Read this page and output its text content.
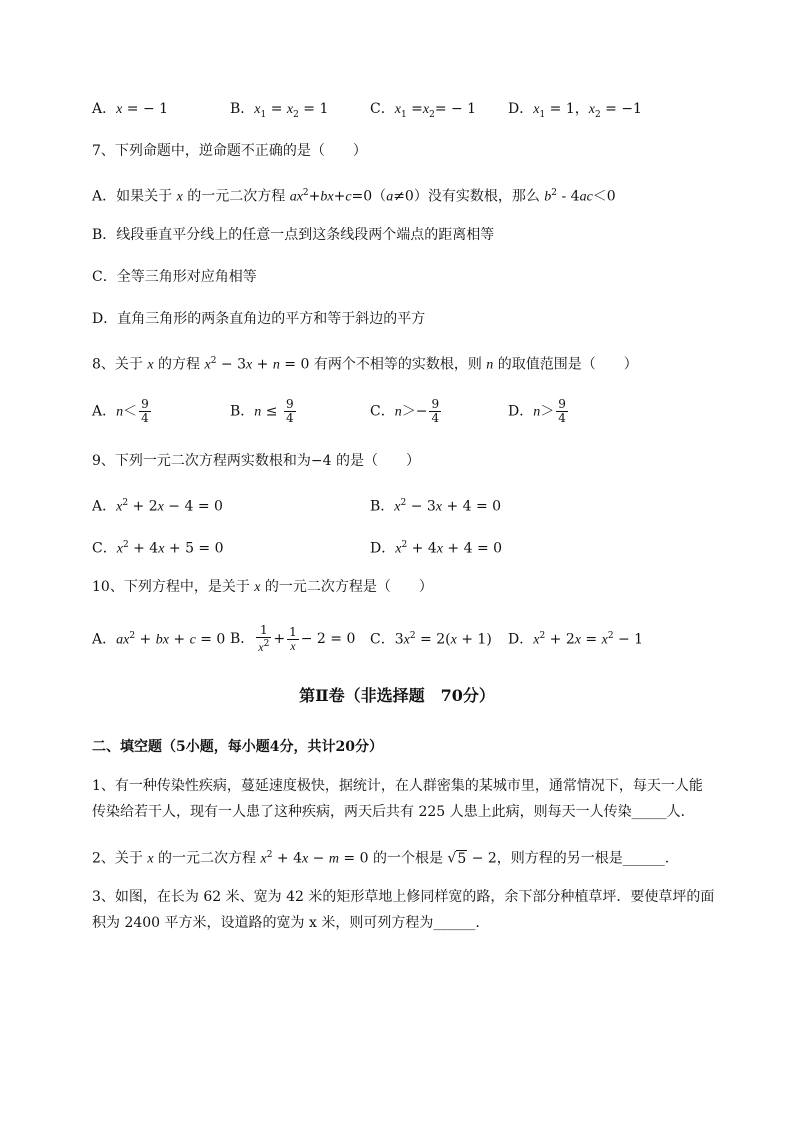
A．x = − 1	B．$x_1 = x_2 = 1$	C．$x_1 =x_2= - 1$ D．$x_1 = 1$，$x_2 = -1$
7、下列命题中，逆命题不正确的是（　　）
A．如果关于 x 的一元二次方程 $ax^2+bx+c=0(a\ne 0)$没有实数根，那么 $b^2 - 4ac<0$
B．线段垂直平分线上的任意一点到这条线段两个端点的距离相等
C．全等三角形对应角相等
D．直角三角形的两条直角边的平方和等于斜边的平方
8、关于 x 的方程 $x^2 - 3x + n = 0$ 有两个不相等的实数根，则 n 的取值范围是（　　）
A．$n< \frac{9}{4}$	B．$n \le \frac{9}{4}$	C．$n>- \frac{9}{4}$	D．$n> \frac{9}{4}$
9、下列一元二次方程两实数根和为−4 的是（　　）
A．$x^2 + 2x - 4 = 0$	B．$x^2 - 3x + 4 = 0$
C．$x^2 + 4x + 5 = 0$	D．$x^2 + 4x + 4 = 0$
10、下列方程中，是关于 x 的一元二次方程是（　　）
A．$ax^2$ + bx + c = 0 B． $\frac{1}{x^2} + \frac{1}{x} - 2 = 0$ C．$3x^2 = 2(x + 1)$ D．$x^2 + 2x = x^2 - 1$
第Ⅱ卷（非选择题　70分）
二、填空题（5小题，每小题4分，共计20分）
1、有一种传染性疾病，蔓延速度极快，据统计，在人群密集的某城市里，通常情况下，每天一人能
传染给若干人，现有一人患了这种疾病，两天后共有 225 人患上此病，则每天一人传染_____人．
2、关于 x 的一元二次方程 $x^2 + 4x - m = 0$ 的一个根是 √5 − 2，则方程的另一根是______.
3、如图，在长为 62 米、宽为 42 米的矩形草地上修同样宽的路，余下部分种植草坪．要使草坪的面
积为 2400 平方米，设道路的宽为 x 米，则可列方程为______.
